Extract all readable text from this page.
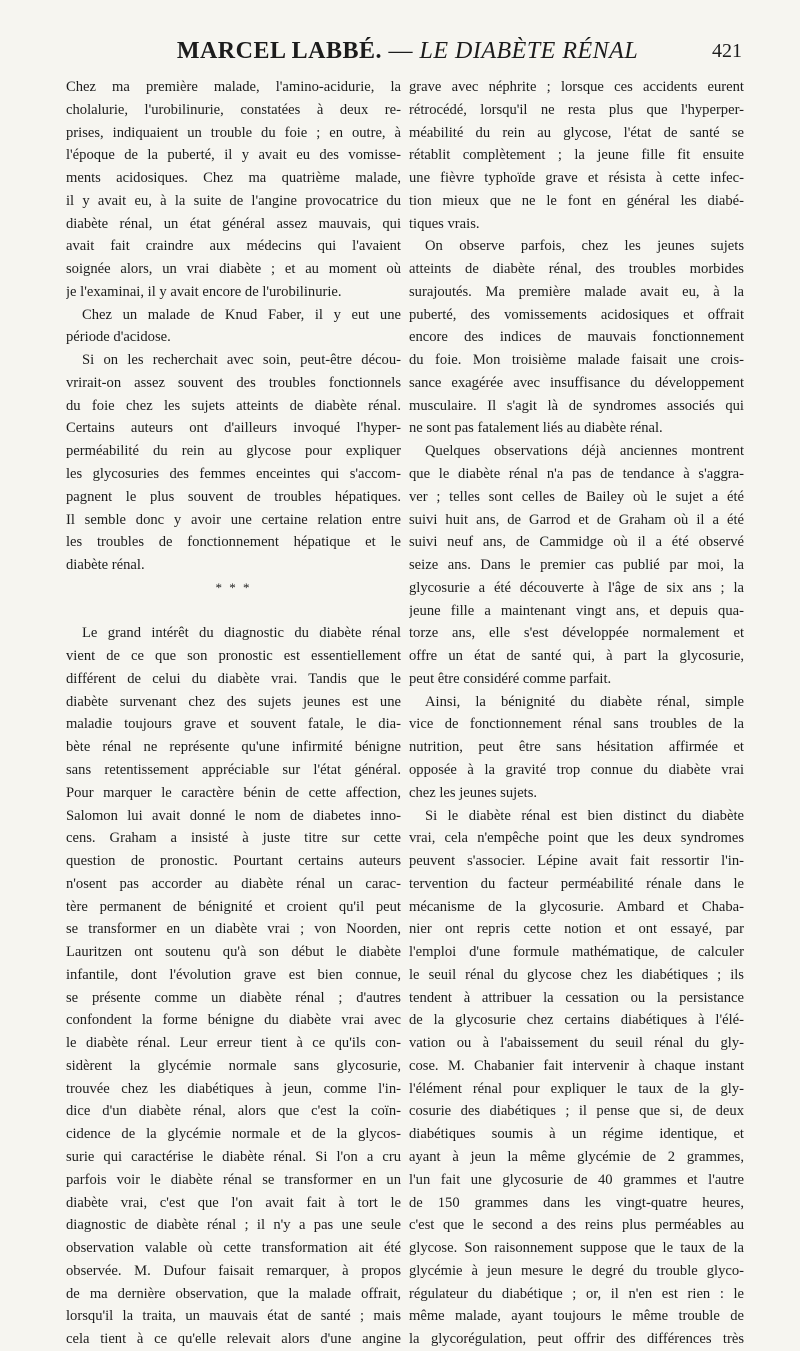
MARCEL LABBÉ. — LE DIABÈTE RÉNAL	421
Chez ma première malade, l'amino-acidurie, la
cholalurie, l'urobilinurie, constatées à deux re-
prises, indiquaient un trouble du foie ; en outre, à
l'époque de la puberté, il y avait eu des vomisse-
ments acidosiques. Chez ma quatrième malade,
il y avait eu, à la suite de l'angine provocatrice du
diabète rénal, un état général assez mauvais, qui
avait fait craindre aux médecins qui l'avaient
soignée alors, un vrai diabète ; et au moment où
je l'examinai, il y avait encore de l'urobilinurie.
Chez un malade de Knud Faber, il y eut une
période d'acidose.
Si on les recherchait avec soin, peut-être décou-
vrirait-on assez souvent des troubles fonctionnels
du foie chez les sujets atteints de diabète rénal.
Certains auteurs ont d'ailleurs invoqué l'hyper-
perméabilité du rein au glycose pour expliquer
les glycosuries des femmes enceintes qui s'accom-
pagnent le plus souvent de troubles hépatiques.
Il semble donc y avoir une certaine relation entre
les troubles de fonctionnement hépatique et le
diabète rénal.
* * *
Le grand intérêt du diagnostic du diabète rénal
vient de ce que son pronostic est essentiellement
différent de celui du diabète vrai. Tandis que le
diabète survenant chez des sujets jeunes est une
maladie toujours grave et souvent fatale, le dia-
bète rénal ne représente qu'une infirmité bénigne
sans retentissement appréciable sur l'état général.
Pour marquer le caractère bénin de cette affection,
Salomon lui avait donné le nom de diabetes inno-
cens. Graham a insisté à juste titre sur cette
question de pronostic. Pourtant certains auteurs
n'osent pas accorder au diabète rénal un carac-
tère permanent de bénignité et croient qu'il peut
se transformer en un diabète vrai ; von Noorden,
Lauritzen ont soutenu qu'à son début le diabète
infantile, dont l'évolution grave est bien connue,
se présente comme un diabète rénal ; d'autres
confondent la forme bénigne du diabète vrai avec
le diabète rénal. Leur erreur tient à ce qu'ils con-
sidèrent la glycémie normale sans glycosurie,
trouvée chez les diabétiques à jeun, comme l'in-
dice d'un diabète rénal, alors que c'est la coïn-
cidence de la glycémie normale et de la glycos-
surie qui caractérise le diabète rénal. Si l'on a cru
parfois voir le diabète rénal se transformer en un
diabète vrai, c'est que l'on avait fait à tort le
diagnostic de diabète rénal ; il n'y a pas une seule
observation valable où cette transformation ait été
observée. M. Dufour faisait remarquer, à propos
de ma dernière observation, que la malade offrait,
lorsqu'il la traita, un mauvais état de santé ; mais
cela tient à ce qu'elle relevait alors d'une angine
grave avec néphrite ; lorsque ces accidents eurent
rétrocédé, lorsqu'il ne resta plus que l'hyperper-
méabilité du rein au glycose, l'état de santé se
rétablit complètement ; la jeune fille fit ensuite
une fièvre typhoïde grave et résista à cette infec-
tion mieux que ne le font en général les diabé-
tiques vrais.
On observe parfois, chez les jeunes sujets
atteints de diabète rénal, des troubles morbides
surajoutés. Ma première malade avait eu, à la
puberté, des vomissements acidosiques et offrait
encore des indices de mauvais fonctionnement
du foie. Mon troisième malade faisait une crois-
sance exagérée avec insuffisance du développement
musculaire. Il s'agit là de syndromes associés qui
ne sont pas fatalement liés au diabète rénal.
Quelques observations déjà anciennes montrent
que le diabète rénal n'a pas de tendance à s'aggra-
ver ; telles sont celles de Bailey où le sujet a été
suivi huit ans, de Garrod et de Graham où il a été
suivi neuf ans, de Cammidge où il a été observé
seize ans. Dans le premier cas publié par moi, la
glycosurie a été découverte à l'âge de six ans ; la
jeune fille a maintenant vingt ans, et depuis qua-
torze ans, elle s'est développée normalement et
offre un état de santé qui, à part la glycosurie,
peut être considéré comme parfait.
Ainsi, la bénignité du diabète rénal, simple
vice de fonctionnement rénal sans troubles de la
nutrition, peut être sans hésitation affirmée et
opposée à la gravité trop connue du diabète vrai
chez les jeunes sujets.
Si le diabète rénal est bien distinct du diabète
vrai, cela n'empêche point que les deux syndromes
peuvent s'associer. Lépine avait fait ressortir l'in-
tervention du facteur perméabilité rénale dans le
mécanisme de la glycosurie. Ambard et Chaba-
nier ont repris cette notion et ont essayé, par
l'emploi d'une formule mathématique, de calculer
le seuil rénal du glycose chez les diabétiques ; ils
tendent à attribuer la cessation ou la persistance
de la glycosurie chez certains diabétiques à l'élé-
vation ou à l'abaissement du seuil rénal du gly-
cose. M. Chabanier fait intervenir à chaque instant
l'élément rénal pour expliquer le taux de la gly-
cosurie des diabétiques ; il pense que si, de deux
diabétiques soumis à un régime identique, et
ayant à jeun la même glycémie de 2 grammes,
l'un fait une glycosurie de 40 grammes et l'autre
de 150 grammes dans les vingt-quatre heures,
c'est que le second a des reins plus perméables au
glycose. Son raisonnement suppose que le taux de la
glycémie à jeun mesure le degré du trouble glyco-
régulateur du diabétique ; or, il n'en est rien : le
même malade, ayant toujours le même trouble de
la glycorégulation, peut offrir des différences très
